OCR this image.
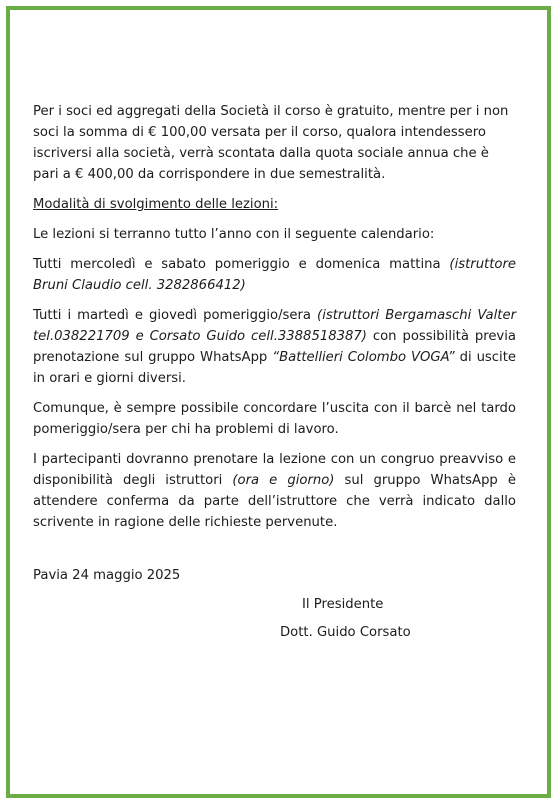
Per i soci ed aggregati della Società il corso è gratuito, mentre per i non soci la somma di € 100,00 versata per il corso, qualora intendessero iscriversi alla società, verrà scontata dalla quota sociale annua che è pari a € 400,00 da corrispondere in due semestralità.

Modalità di svolgimento delle lezioni:

Le lezioni si terranno tutto l’anno con il seguente calendario:

Tutti mercoledì e sabato pomeriggio e domenica mattina (istruttore Bruni Claudio cell. 3282866412)

Tutti i martedì e giovedì pomeriggio/sera (istruttori Bergamaschi Valter tel.038221709 e Corsato Guido cell.3388518387) con possibilità previa prenotazione sul gruppo WhatsApp “Battellieri Colombo VOGA” di uscite in orari e giorni diversi.

Comunque, è sempre possibile concordare l’uscita con il barcè nel tardo pomeriggio/sera per chi ha problemi di lavoro.

I partecipanti dovranno prenotare la lezione con un congruo preavviso e disponibilità degli istruttori (ora e giorno) sul gruppo WhatsApp è attendere conferma da parte dell’istruttore che verrà indicato dallo scrivente in ragione delle richieste pervenute.

Pavia 24 maggio 2025
Il Presidente
Dott. Guido Corsato
